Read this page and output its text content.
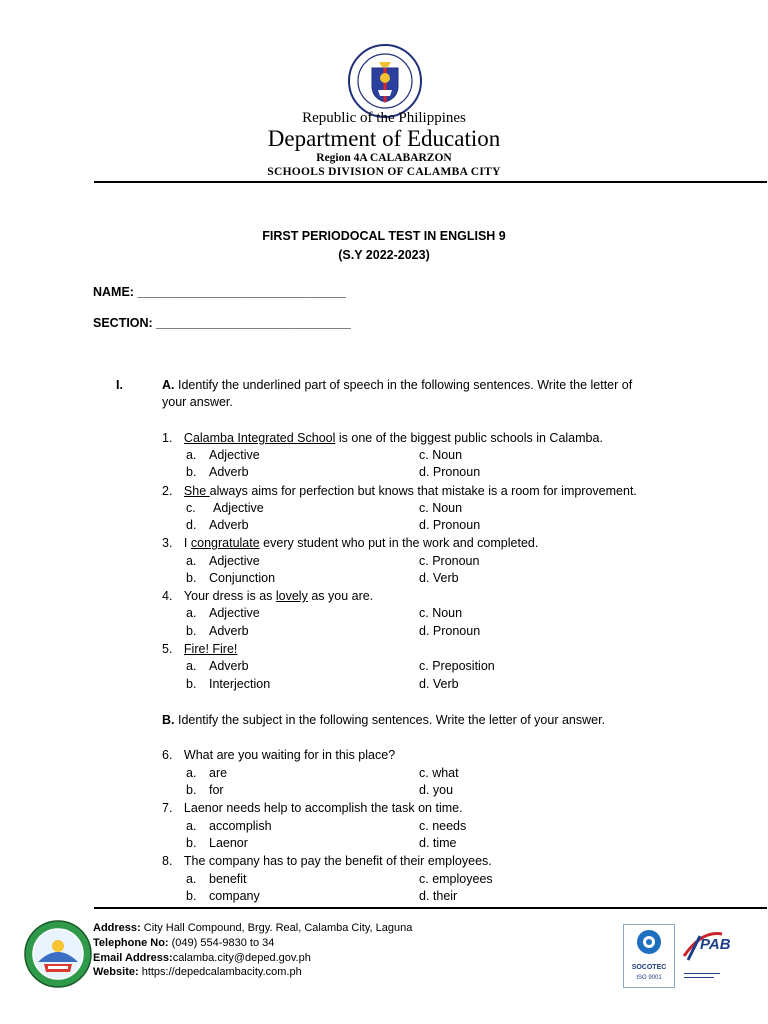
Republic of the Philippines
Department of Education
Region 4A CALABARZON
SCHOOLS DIVISION OF CALAMBA CITY
FIRST PERIODOCAL TEST IN ENGLISH 9
(S.Y 2022-2023)
NAME: ______________________________
SECTION: ____________________________
I.	A. Identify the underlined part of speech in the following sentences. Write the letter of
your answer.
1. Calamba Integrated School is one of the biggest public schools in Calamba.
a. Adjective	c. Noun
b. Adverb	d. Pronoun
2. She always aims for perfection but knows that mistake is a room for improvement.
c. Adjective	c. Noun
d. Adverb	d. Pronoun
3. I congratulate every student who put in the work and completed.
a. Adjective	c. Pronoun
b. Conjunction	d. Verb
4. Your dress is as lovely as you are.
a. Adjective	c. Noun
b. Adverb	d. Pronoun
5. Fire! Fire!
a. Adverb	c. Preposition
b. Interjection	d. Verb
B. Identify the subject in the following sentences. Write the letter of your answer.
6. What are you waiting for in this place?
a. are	c. what
b. for	d. you
7. Laenor needs help to accomplish the task on time.
a. accomplish	c. needs
b. Laenor	d. time
8. The company has to pay the benefit of their employees.
a. benefit	c. employees
b. company	d. their
Address: City Hall Compound, Brgy. Real, Calamba City, Laguna
Telephone No: (049) 554-9830 to 34
Email Address:calamba.city@deped.gov.ph
Website: https://depedcalambacity.com.ph	SOCOTEC
ISO 9001
PAB
